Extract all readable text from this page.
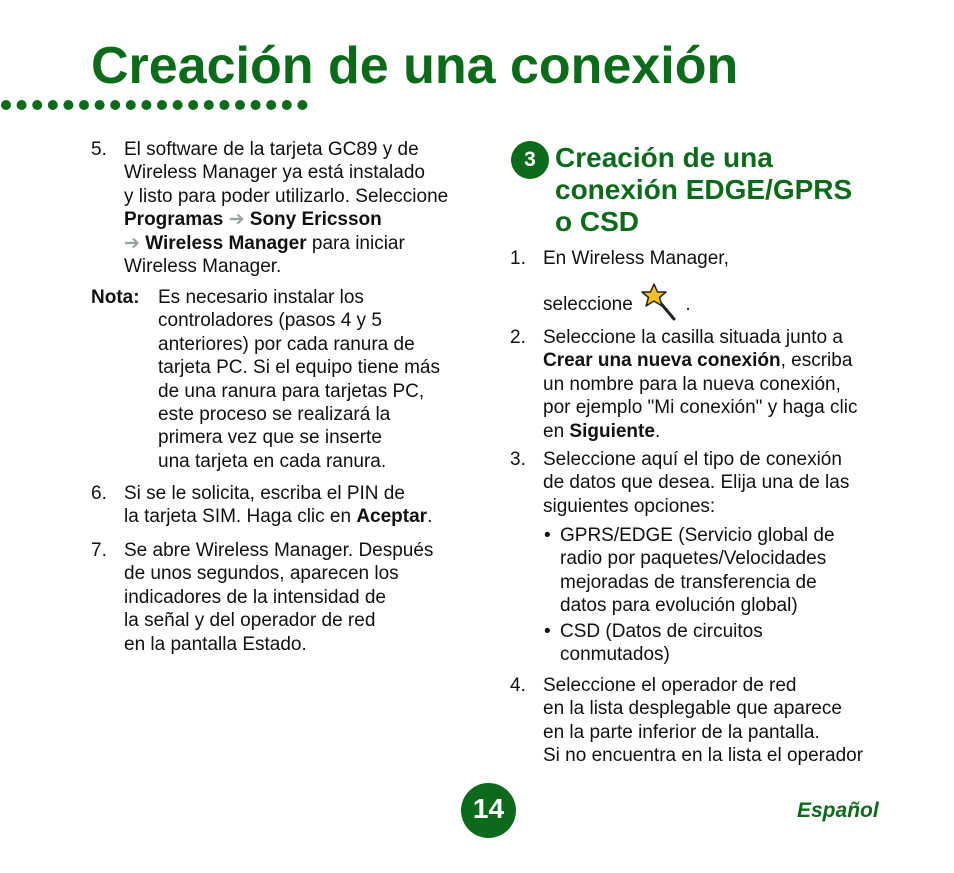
Creación de una conexión
5. El software de la tarjeta GC89 y de
Wireless Manager ya está instalado
y listo para poder utilizarlo. Seleccione
Programas ➔ Sony Ericsson
➔ Wireless Manager para iniciar
Wireless Manager.
Nota: Es necesario instalar los
controladores (pasos 4 y 5
anteriores) por cada ranura de
tarjeta PC. Si el equipo tiene más
de una ranura para tarjetas PC,
este proceso se realizará la
primera vez que se inserte
una tarjeta en cada ranura.
6. Si se le solicita, escriba el PIN de
la tarjeta SIM. Haga clic en Aceptar.
7. Se abre Wireless Manager. Después
de unos segundos, aparecen los
indicadores de la intensidad de
la señal y del operador de red
en la pantalla Estado.
3 Creación de una
conexión EDGE/GPRS
o CSD
1. En Wireless Manager,
seleccione	.
2. Seleccione la casilla situada junto a
Crear una nueva conexión, escriba
un nombre para la nueva conexión,
por ejemplo "Mi conexión" y haga clic
en Siguiente.
3. Seleccione aquí el tipo de conexión
de datos que desea. Elija una de las
siguientes opciones:
• GPRS/EDGE (Servicio global de
radio por paquetes/Velocidades
mejoradas de transferencia de
datos para evolución global)
• CSD (Datos de circuitos
conmutados)
4. Seleccione el operador de red
en la lista desplegable que aparece
en la parte inferior de la pantalla.
Si no encuentra en la lista el operador
14	Español
